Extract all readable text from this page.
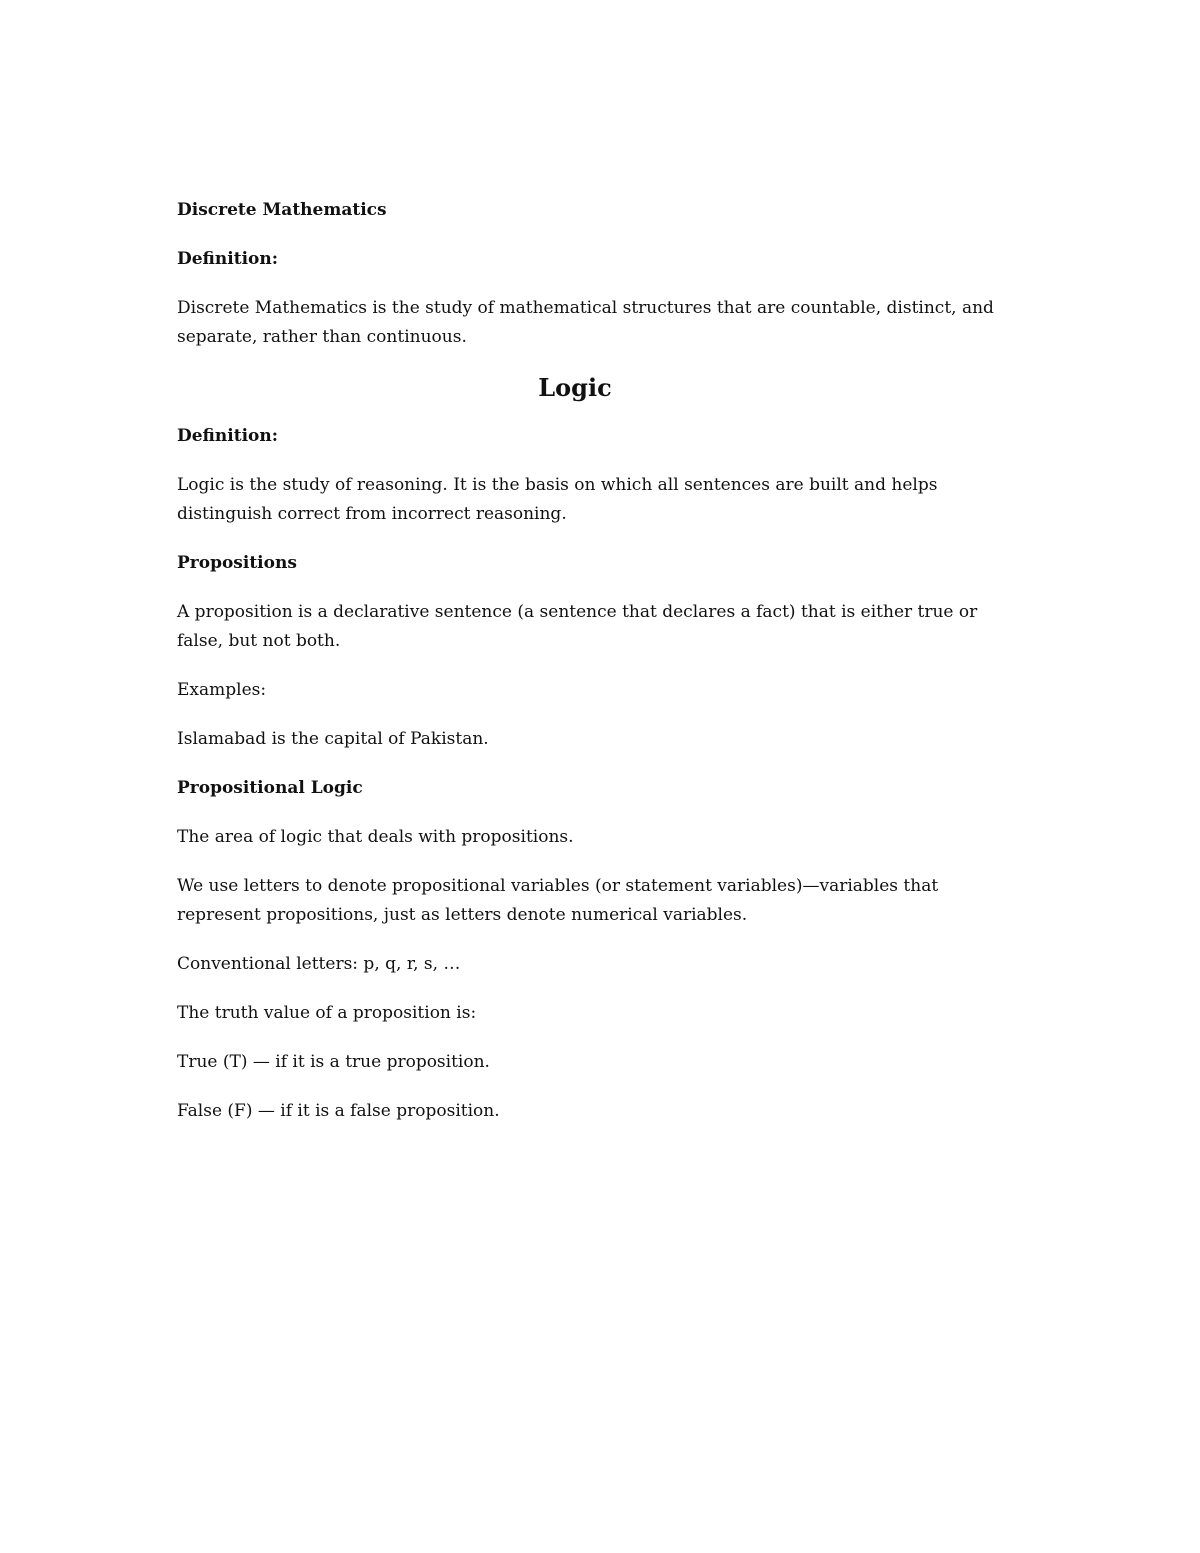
Discrete Mathematics

Definition:

Discrete Mathematics is the study of mathematical structures that are countable, distinct, and separate, rather than continuous.

Logic

Definition:

Logic is the study of reasoning. It is the basis on which all sentences are built and helps distinguish correct from incorrect reasoning.

Propositions

A proposition is a declarative sentence (a sentence that declares a fact) that is either true or false, but not both.

Examples:

Islamabad is the capital of Pakistan.

Propositional Logic

The area of logic that deals with propositions.

We use letters to denote propositional variables (or statement variables)—variables that represent propositions, just as letters denote numerical variables.

Conventional letters: p, q, r, s, …

The truth value of a proposition is:

True (T) — if it is a true proposition.

False (F) — if it is a false proposition.
